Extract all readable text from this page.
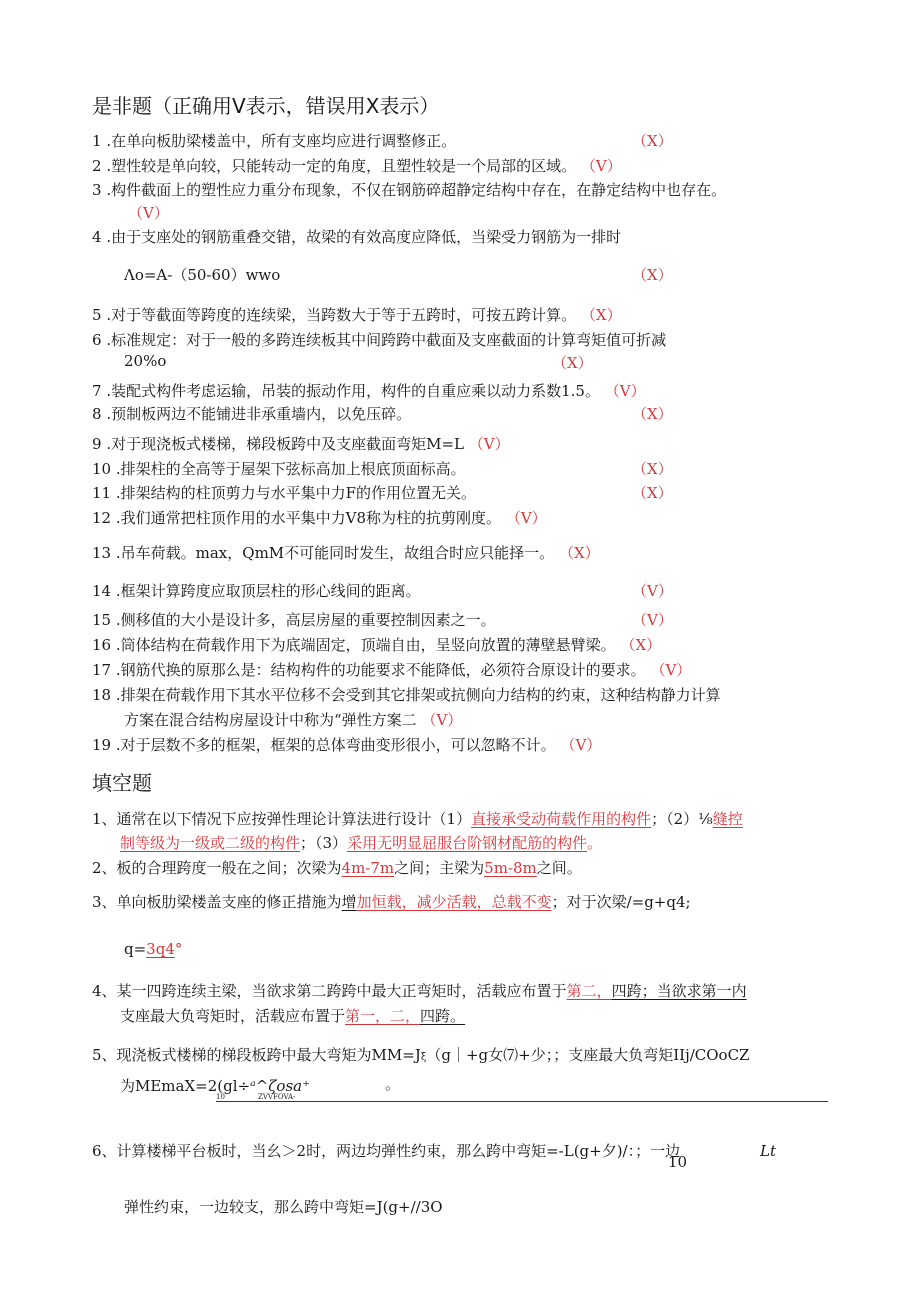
是非题（正确用V表示，错误用X表示）
1 .在单向板肋梁楼盖中，所有支座均应进行调整修正。	（X）
2 .塑性较是单向较，只能转动一定的角度，且塑性较是一个局部的区域。 （V）
3 .构件截面上的塑性应力重分布现象，不仅在钢筋碎超静定结构中存在，在静定结构中也存在。
（V）
4 .由于支座处的钢筋重叠交错，故梁的有效高度应降低，当梁受力钢筋为一排时
Λo=A-（50-60）wwo	（X）
5 .对于等截面等跨度的连续梁，当跨数大于等于五跨时，可按五跨计算。 （X）
6 .标准规定：对于一般的多跨连续板其中间跨跨中截面及支座截面的计算弯矩值可折减
20%o	（X）
7 .装配式构件考虑运输，吊装的振动作用，构件的自重应乘以动力系数1.5。 （V）
8 .预制板两边不能铺进非承重墙内，以免压碎。	（X）
9 .对于现浇板式楼梯，梯段板跨中及支座截面弯矩M=L （V）
10 .排架柱的全高等于屋架下弦标高加上根底顶面标高。	（X）
11 .排架结构的柱顶剪力与水平集中力F的作用位置无关。	（X）
12 .我们通常把柱顶作用的水平集中力V8称为柱的抗剪刚度。 （V）
13 .吊车荷载。max，QmM不可能同时发生，故组合时应只能择一。 （X）
14 .框架计算跨度应取顶层柱的形心线间的距离。	（V）
15 .侧移值的大小是设计多，高层房屋的重要控制因素之一。	（V）
16 .筒体结构在荷载作用下为底端固定，顶端自由，呈竖向放置的薄壁悬臂梁。 （X）
17 .钢筋代换的原那么是：结构构件的功能要求不能降低，必须符合原设计的要求。 （V）
18 .排架在荷载作用下其水平位移不会受到其它排架或抗侧向力结构的约束，这种结构静力计算
方案在混合结构房屋设计中称为“弹性方案二 （V）
19 .对于层数不多的框架，框架的总体弯曲变形很小，可以忽略不计。 （V）
填空题
1、通常在以下情况下应按弹性理论计算法进行设计（1）直接承受动荷载作用的构件；（2）⅛缝控
制等级为一级或二级的构件；（3）采用无明显屈服台阶钢材配筋的构件。
2、板的合理跨度一般在之间；次梁为4m-7m之间；主梁为5m-8m之间。
3、单向板肋梁楼盖支座的修正措施为增加恒载，减少活载，总载不变；对于次梁/=g+q4;
q=3q4°
4、某一四跨连续主梁，当欲求第二跨跨中最大正弯矩时，活载应布置于第二，四跨；当欲求第一内
支座最大负弯矩时，活载应布置于第一，二，四跨。
5、现浇板式楼梯的梯段板跨中最大弯矩为MM=Jξ（g｜+g女⑺+少；；支座最大负弯矩IIj/COoCZ
为MEmaX=2(gl÷ᵃ^ζosa⁺	。
10	ZVVFOVA-
6、计算楼梯平台板时，当幺＞2时，两边均弹性约束，那么跨中弯矩=-L(g+夕)/：；一边	Lt
10
弹性约束，一边较支，那么跨中弯矩=J(g+∕/3O
